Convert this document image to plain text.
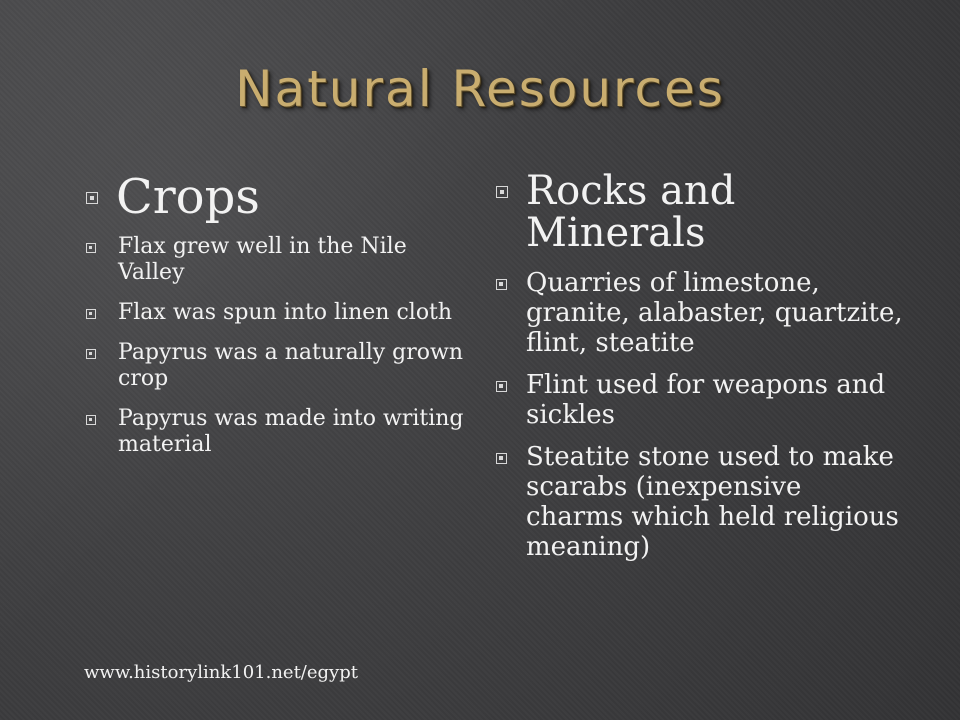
Natural Resources
Crops
Flax grew well in the Nile Valley
Flax was spun into linen cloth
Papyrus was a naturally grown crop
Papyrus was made into writing material
Rocks and Minerals
Quarries of limestone, granite, alabaster, quartzite, flint, steatite
Flint used for weapons and sickles
Steatite stone used to make scarabs (inexpensive charms which held religious meaning)
www.historylink101.net/egypt
